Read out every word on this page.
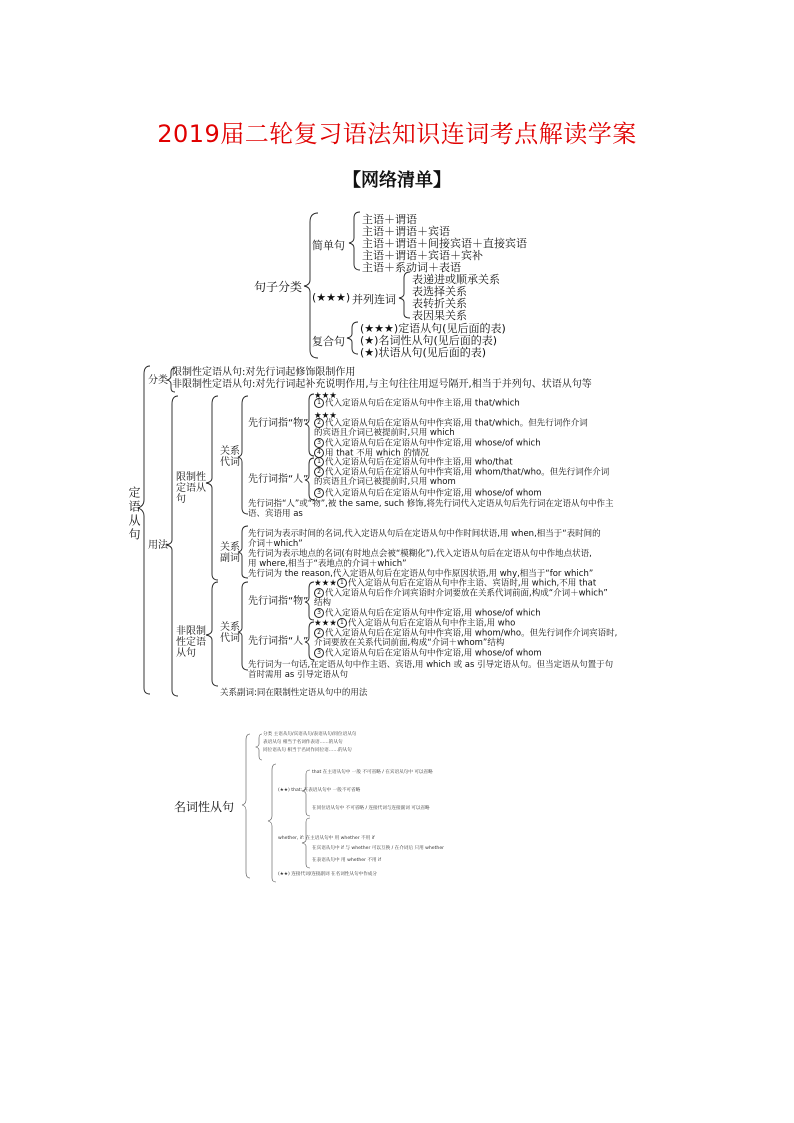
2019届二轮复习语法知识连词考点解读学案
【网络清单】
句子分类
简单句
主语＋谓语
主语＋谓语＋宾语
主语＋谓语＋间接宾语＋直接宾语
主语＋谓语＋宾语＋宾补
主语＋系动词＋表语
(★★★) 并列连词
表递进或顺承关系
表选择关系
表转折关系
表因果关系
复合句
(★★★)定语从句(见后面的表)
(★)名词性从句(见后面的表)
(★)状语从句(见后面的表)
定语从句
分类
限制性定语从句:对先行词起修饰限制作用
非限制性定语从句:对先行词起补充说明作用,与主句往往用逗号隔开,相当于并列句、状语从句等
用法
限制性定语从句
关系代词
关系副词
先行词指“物”
★★★
1 代入定语从句后在定语从句中作主语,用 that/which
★★★
2 代入定语从句后在定语从句中作宾语,用 that/which。但先行词作介词
的宾语且介词已被提前时,只用 which
3 代入定语从句后在定语从句中作定语,用 whose/of which
4 用 that 不用 which 的情况
先行词指“人”
1 代入定语从句后在定语从句中作主语,用 who/that
2 代入定语从句后在定语从句中作宾语,用 whom/that/who。但先行词作介词
的宾语且介词已被提前时,只用 whom
3 代入定语从句后在定语从句中作定语,用 whose/of whom
先行词指“人”或“物”,被 the same, such 修饰,将先行词代入定语从句后先行词在定语从句中作主
语、宾语用 as
先行词为表示时间的名词,代入定语从句后在定语从句中作时间状语,用 when,相当于“表时间的
介词＋which”
先行词为表示地点的名词(有时地点会被“模糊化”),代入定语从句后在定语从句中作地点状语,
用 where,相当于“表地点的介词＋which”
先行词为 the reason,代入定语从句后在定语从句中作原因状语,用 why,相当于“for which”
非限制性定语从句
关系代词
先行词指“物”
★★★ 1 代入定语从句后在定语从句中作主语、宾语时,用 which,不用 that
2 代入定语从句后作介词宾语时介词要放在关系代词前面,构成“介词＋which”
结构
3 代入定语从句后在定语从句中作定语,用 whose/of which
先行词指“人”
★★★ 1 代入定语从句后在定语从句中作主语,用 who
2 代入定语从句后在定语从句中作宾语,用 whom/who。但先行词作介词宾语时,
介词要放在关系代词前面,构成“介词＋whom”结构
3 代入定语从句后在定语从句中作定语,用 whose/of whom
先行词为一句话,在定语从句中作主语、宾语,用 which 或 as 引导定语从句。但当定语从句置于句
首时需用 as 引导定语从句
关系副词:同在限制性定语从句中的用法
名词性从句
分类 主语从句/宾语从句/表语从句/同位语从句
表语从句 相当于名词作表语……的从句
同位语从句 相当于名词作同位语……的从句
that 在主语从句中 一般 不可省略 / 在宾语从句中 可以省略
(★★) that: 在表语从句中 一般不可省略
在同位语从句中 不可省略 / 连接代词与连接副词 可以省略
whether, if: 在主语从句中 用 whether 不用 if
在宾语从句中 if 与 whether 可以互换 / 在介词后 只用 whether
在表语从句中 用 whether 不用 if
(★★) 连接代词/连接副词 在名词性从句中作成分
